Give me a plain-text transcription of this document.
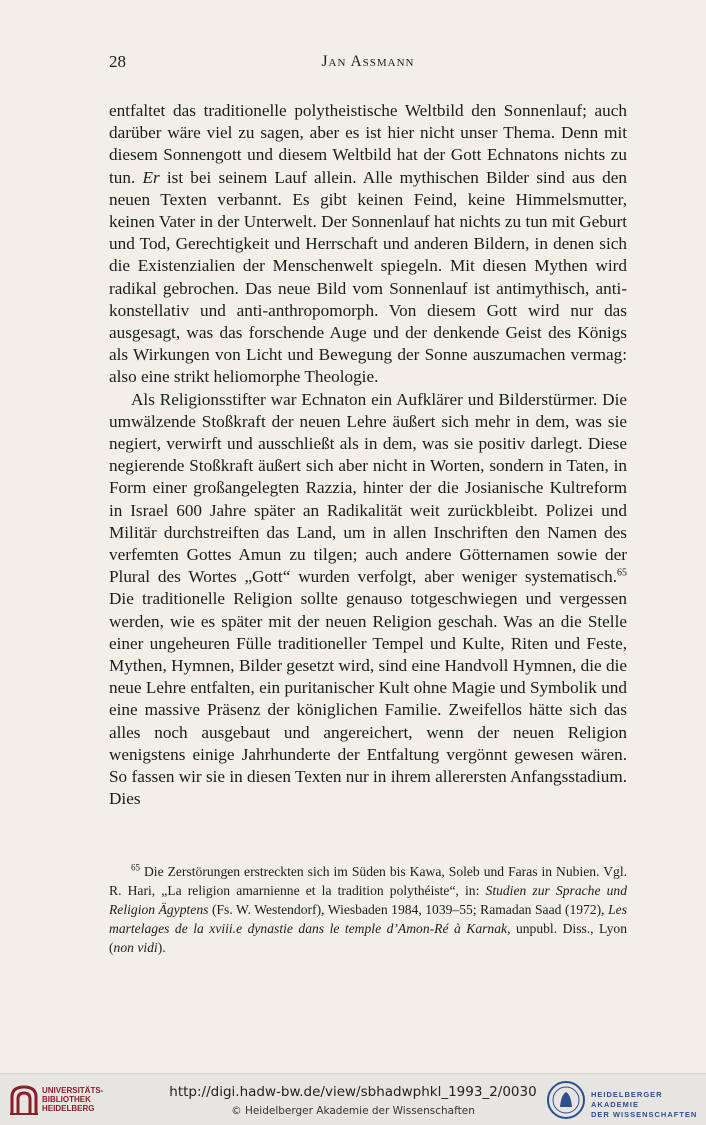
28	Jan Assmann

entfaltet das traditionelle polytheistische Weltbild den Sonnenlauf; auch darüber wäre viel zu sagen, aber es ist hier nicht unser Thema. Denn mit diesem Sonnengott und diesem Weltbild hat der Gott Echnatons nichts zu tun. Er ist bei seinem Lauf allein. Alle mythischen Bilder sind aus den neuen Texten verbannt. Es gibt keinen Feind, keine Himmelsmutter, keinen Vater in der Unterwelt. Der Sonnenlauf hat nichts zu tun mit Geburt und Tod, Gerechtigkeit und Herrschaft und anderen Bildern, in denen sich die Existenzialien der Menschenwelt spiegeln. Mit diesen Mythen wird radikal gebrochen. Das neue Bild vom Sonnenlauf ist antimythisch, antikonstellativ und anti-anthropomorph. Von diesem Gott wird nur das ausgesagt, was das forschende Auge und der denkende Geist des Königs als Wirkungen von Licht und Bewegung der Sonne auszumachen vermag: also eine strikt heliomorphe Theologie.

Als Religionsstifter war Echnaton ein Aufklärer und Bilderstürmer. Die umwälzende Stoßkraft der neuen Lehre äußert sich mehr in dem, was sie negiert, verwirft und ausschließt als in dem, was sie positiv darlegt. Diese negierende Stoßkraft äußert sich aber nicht in Worten, sondern in Taten, in Form einer großangelegten Razzia, hinter der die Josianische Kultreform in Israel 600 Jahre später an Radikalität weit zurückbleibt. Polizei und Militär durchstreiften das Land, um in allen Inschriften den Namen des verfemten Gottes Amun zu tilgen; auch andere Götternamen sowie der Plural des Wortes „Gott“ wurden verfolgt, aber weniger systematisch.$^{65}$ Die traditionelle Religion sollte genauso totgeschwiegen und vergessen werden, wie es später mit der neuen Religion geschah. Was an die Stelle einer ungeheuren Fülle traditioneller Tempel und Kulte, Riten und Feste, Mythen, Hymnen, Bilder gesetzt wird, sind eine Handvoll Hymnen, die die neue Lehre entfalten, ein puritanischer Kult ohne Magie und Symbolik und eine massive Präsenz der königlichen Familie. Zweifellos hätte sich das alles noch ausgebaut und angereichert, wenn der neuen Religion wenigstens einige Jahrhunderte der Entfaltung vergönnt gewesen wären. So fassen wir sie in diesen Texten nur in ihrem allerersten Anfangsstadium. Dies

$^{65}$ Die Zerstörungen erstreckten sich im Süden bis Kawa, Soleb und Faras in Nubien. Vgl. R. Hari, „La religion amarnienne et la tradition polythéiste“, in: Studien zur Sprache und Religion Ägyptens (Fs. W. Westendorf), Wiesbaden 1984, 1039–55; Ramadan Saad (1972), Les martelages de la xviii.e dynastie dans le temple d’Amon-Ré à Karnak, unpubl. Diss., Lyon (non vidi).

UNIVERSITÄTS-
BIBLIOTHEK
HEIDELBERG
http://digi.hadw-bw.de/view/sbhadwphkl_1993_2/0030
© Heidelberger Akademie der Wissenschaften
HEIDELBERGER AKADEMIE
DER WISSENSCHAFTEN
